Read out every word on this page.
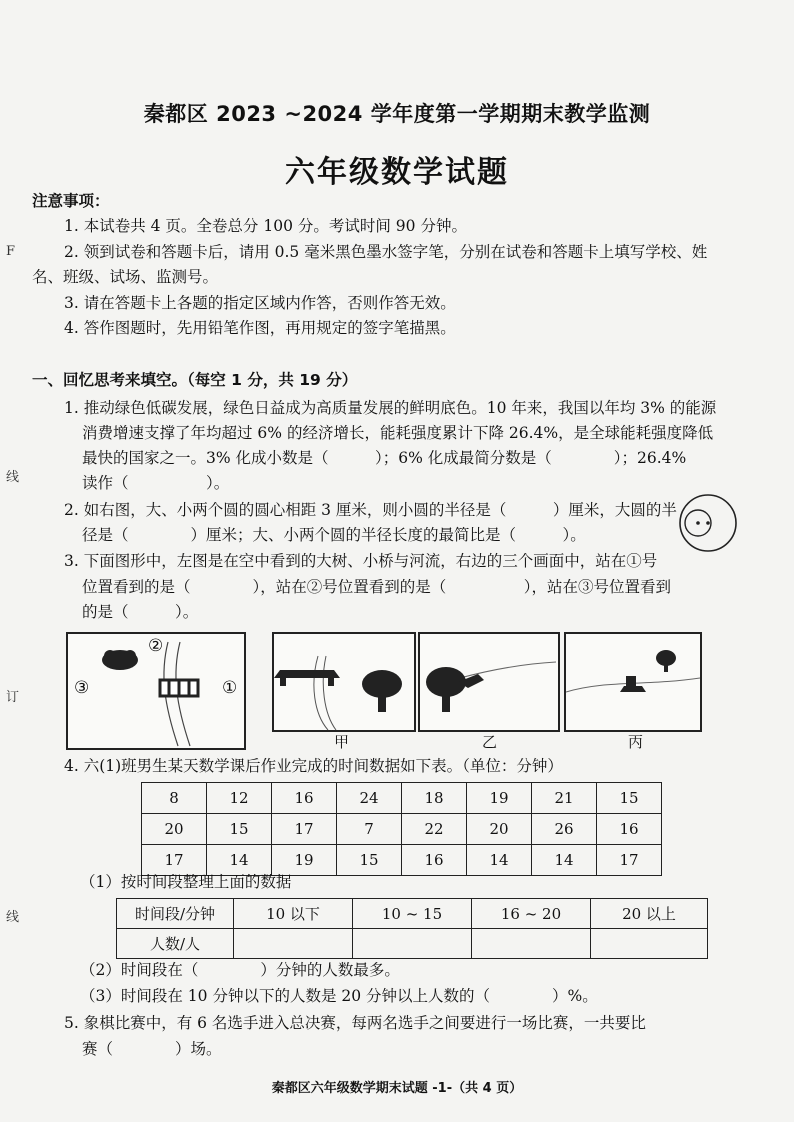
F
线
订
线
秦都区 2023 ~2024 学年度第一学期期末教学监测
六年级数学试题
注意事项：
1. 本试卷共 4 页。全卷总分 100 分。考试时间 90 分钟。
2. 领到试卷和答题卡后，请用 0.5 毫米黑色墨水签字笔，分别在试卷和答题卡上填写学校、姓
名、班级、试场、监测号。
3. 请在答题卡上各题的指定区域内作答，否则作答无效。
4. 答作图题时，先用铅笔作图，再用规定的签字笔描黑。
一、回忆思考来填空。（每空 1 分，共 19 分）
1. 推动绿色低碳发展，绿色日益成为高质量发展的鲜明底色。10 年来，我国以年均 3% 的能源
消费增速支撑了年均超过 6% 的经济增长，能耗强度累计下降 26.4%，是全球能耗强度降低
最快的国家之一。3% 化成小数是（　　　）；6% 化成最简分数是（　　　　）；26.4%
读作（　　　　　）。
2. 如右图，大、小两个圆的圆心相距 3 厘米，则小圆的半径是（　　　）厘米，大圆的半
径是（　　　　）厘米；大、小两个圆的半径长度的最简比是（　　　）。
3. 下面图形中，左图是在空中看到的大树、小桥与河流，右边的三个画面中，站在①号
位置看到的是（　　　　），站在②号位置看到的是（　　　　　），站在③号位置看到
的是（　　　）。
②
③	①
甲	乙	丙
4. 六(1)班男生某天数学课后作业完成的时间数据如下表。（单位：分钟）
8	12	16	24	18	19	21	15
20	15	17	7	22	20	26	16
17	14	19	15	16	14	14	17
（1）按时间段整理上面的数据
时间段/分钟	10 以下	10 ~ 15	16 ~ 20	20 以上
人数/人				
（2）时间段在（　　　　）分钟的人数最多。
（3）时间段在 10 分钟以下的人数是 20 分钟以上人数的（　　　　）%。
5. 象棋比赛中，有 6 名选手进入总决赛，每两名选手之间要进行一场比赛，一共要比
赛（　　　　）场。
秦都区六年级数学期末试题 -1-（共 4 页）
